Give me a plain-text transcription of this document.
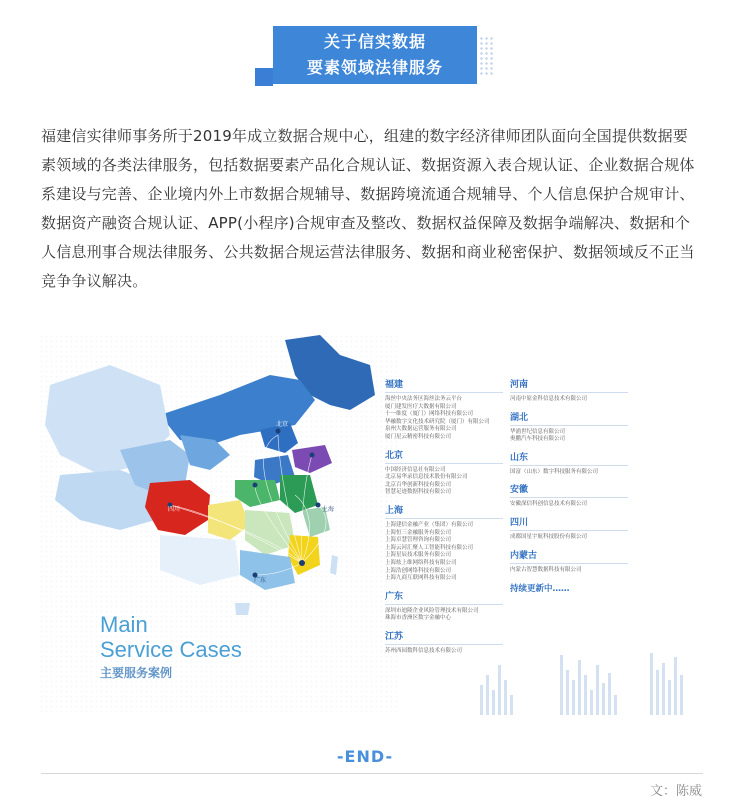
关于信实数据
要素领域法律服务

福建信实律师事务所于2019年成立数据合规中心，组建的数字经济律师团队面向全国提供数据要素领域的各类法律服务，包括数据要素产品化合规认证、数据资源入表合规认证、企业数据合规体系建设与完善、企业境内外上市数据合规辅导、数据跨境流通合规辅导、个人信息保护合规审计、数据资产融资合规认证、APP(小程序)合规审查及整改、数据权益保障及数据争端解决、数据和个人信息刑事合规法律服务、公共数据合规运营法律服务、数据和商业秘密保护、数据领域反不正当竞争争议解决。

北京
上海
四川
广东
Main
Service Cases
主要服务案例
福建
海丝中央法务区海丝法务云平台
厦门建发医疗大数据有限公司
十一维度（厦门）网络科技有限公司
华融数字文化技术研究院（厦门）有限公司
泉州大数据运营服务有限公司
厦门星云精密科技有限公司
北京
中国经济信息社有限公司
北京易华录信息技术股份有限公司
北京百华创新科技有限公司
智慧足迹数据科技有限公司
上海
上海建信金融产业（集团）有限公司
上海恒三金融服务有限公司
上海卓慧管理咨询有限公司
上海云河汇聚人工智能科技有限公司
上海星辰技术服务有限公司
上海炫上维网络科技有限公司
上海浩创网络科技有限公司
上海九商互联网科技有限公司
广东
深圳市迪隆企业风险管理技术有限公司
珠海市香洲区数字金融中心
江苏
苏州西园数科信息技术有限公司
河南
河南中原金科信息技术有限公司
湖北
华浦世纪信息有限公司
奥鹏汽车科技有限公司
山东
国富（山东）数字科技服务有限公司
安徽
安徽深信科创信息技术有限公司
四川
成都国星宇航科技股份有限公司
内蒙古
内蒙古智慧数据科技有限公司
持续更新中……
-END-
文：陈威
